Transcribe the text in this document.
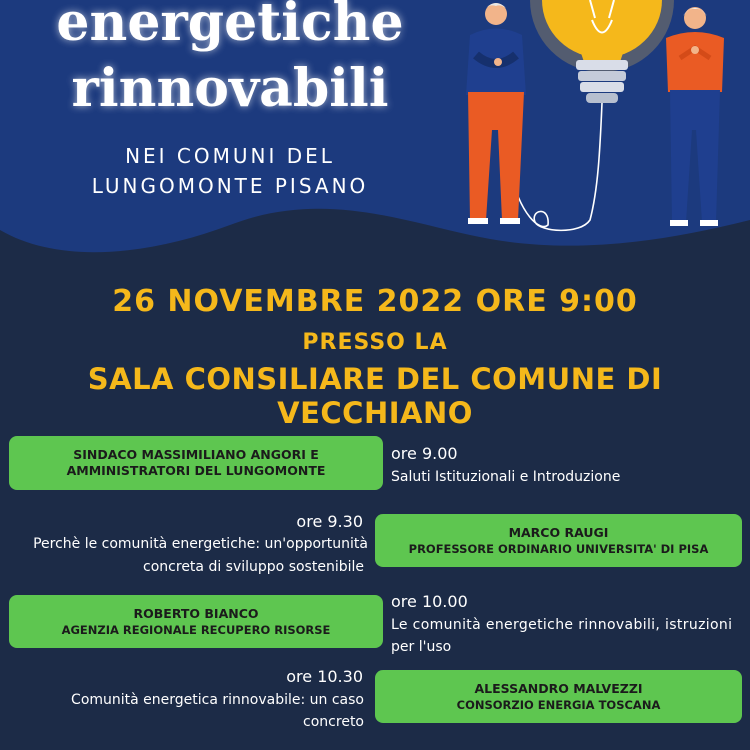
energetiche
rinnovabili
NEI COMUNI DEL
LUNGOMONTE PISANO
26 NOVEMBRE 2022 ORE 9:00
PRESSO LA
SALA CONSILIARE DEL COMUNE DI VECCHIANO
SINDACO MASSIMILIANO ANGORI E
AMMINISTRATORI DEL LUNGOMONTE
ore 9.00
Saluti Istituzionali e Introduzione
ore 9.30
Perchè le comunità energetiche: un'opportunità
concreta di sviluppo sostenibile
MARCO RAUGI
PROFESSORE ORDINARIO UNIVERSITA' DI PISA
ROBERTO BIANCO
AGENZIA REGIONALE RECUPERO RISORSE
ore 10.00
Le comunità energetiche rinnovabili, istruzioni
per l'uso
ore 10.30
Comunità energetica rinnovabile: un caso
concreto
ALESSANDRO MALVEZZI
CONSORZIO ENERGIA TOSCANA
